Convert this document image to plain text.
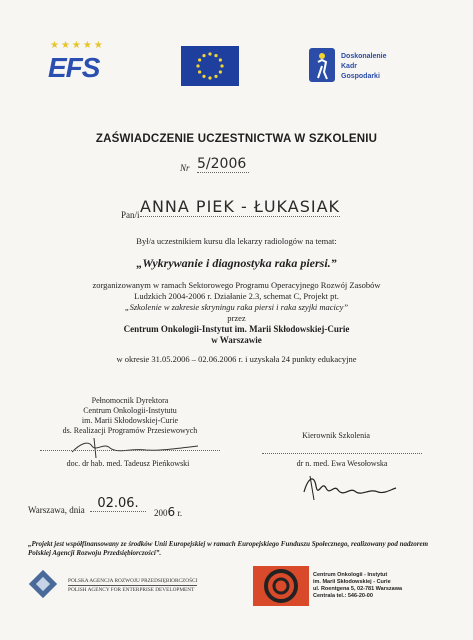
★★★★★
EFS	Doskonalenie
Kadr
Gospodarki
ZAŚWIADCZENIE UCZESTNICTWA W SZKOLENIU
Nr 5/2006
Pan/i ANNA PIEK - ŁUKASIAK
Był/a uczestnikiem kursu dla lekarzy radiologów na temat:
„Wykrywanie i diagnostyka raka piersi.”
zorganizowanym w ramach Sektorowego Programu Operacyjnego Rozwój Zasobów
Ludzkich 2004-2006 r. Działanie 2.3, schemat C, Projekt pt.
„Szkolenie w zakresie skryningu raka piersi i raka szyjki macicy”
przez
Centrum Onkologii-Instytut im. Marii Skłodowskiej-Curie
w Warszawie
w okresie 31.05.2006 – 02.06.2006 r. i uzyskała 24 punkty edukacyjne
Pełnomocnik Dyrektora
Centrum Onkologii-Instytutu
im. Marii Skłodowskiej-Curie
ds. Realizacji Programów Przesiewowych
doc. dr hab. med. Tadeusz Pieńkowski
Kierownik Szkolenia
dr n. med. Ewa Wesołowska
Warszawa, dnia 02.06.
2006 r.
„Projekt jest współfinansowany ze środków Unii Europejskiej w ramach Europejskiego Funduszu Społecznego, realizowany pod nadzorem Polskiej Agencji Rozwoju Przedsiębiorczości”.
POLSKA AGENCJA ROZWOJU PRZEDSIĘBIORCZOŚCI
POLISH AGENCY FOR ENTERPRISE DEVELOPMENT
Centrum Onkologii - Instytut
im. Marii Skłodowskiej - Curie
ul. Roentgena 5, 02-781 Warszawa
Centrala tel.: 546-20-00
